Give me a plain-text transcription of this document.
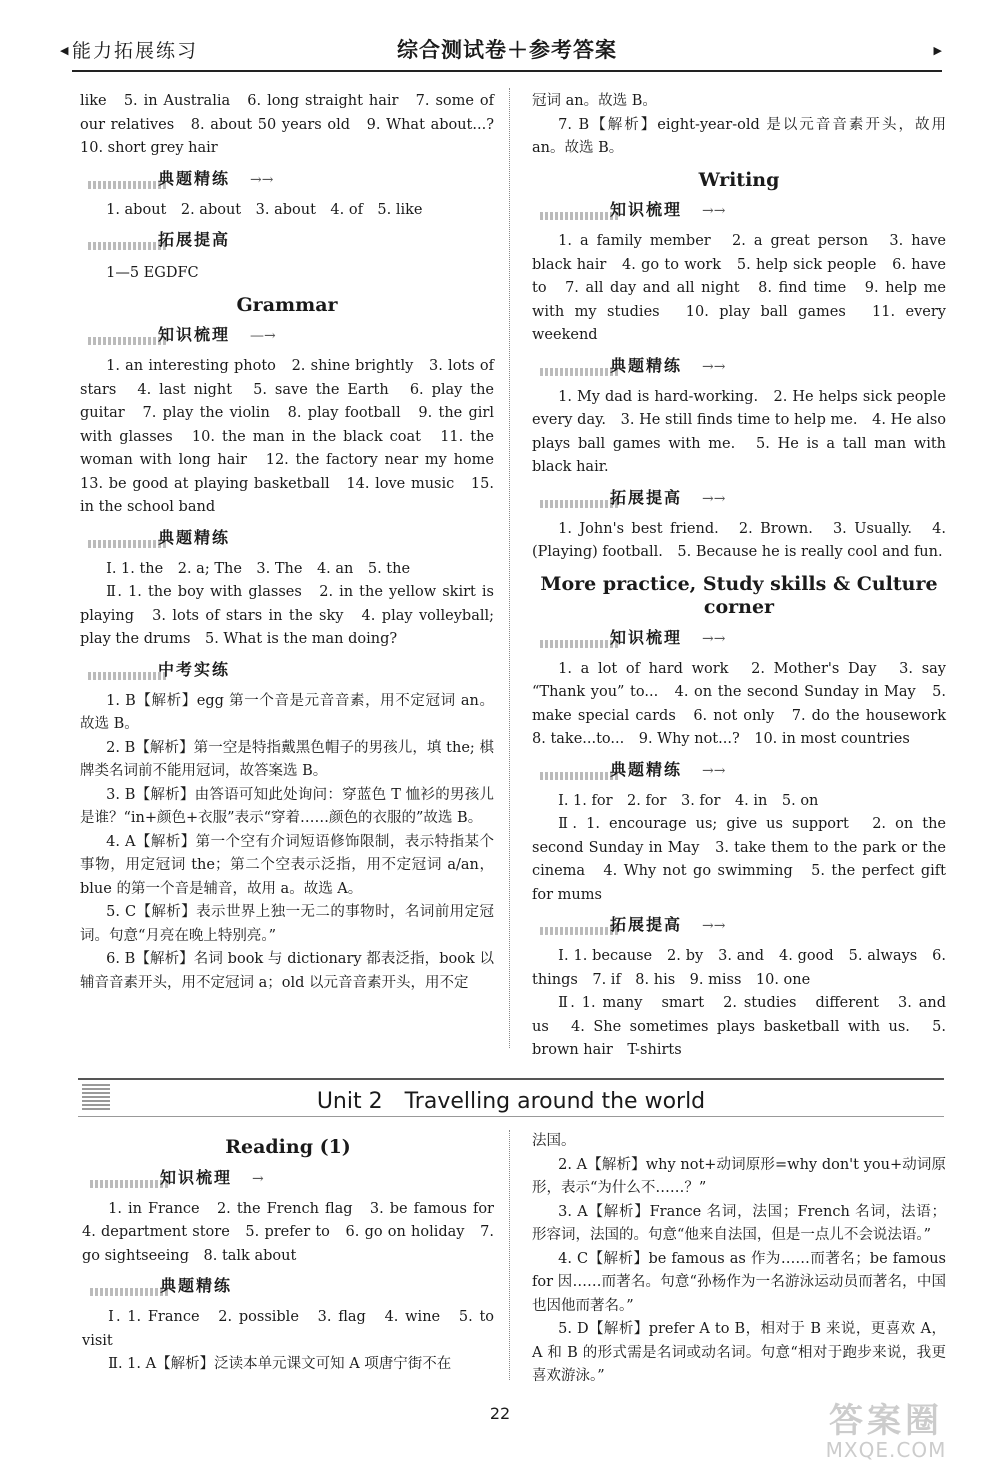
◀ 能力拓展练习	综合测试卷＋参考答案	▶

like　5. in Australia　6. long straight hair　7. some of our relatives　8. about 50 years old　9. What about...?　10. short grey hair

典题精练 →→

1. about　2. about　3. about　4. of　5. like

拓展提高

1—5 EGDFC

Grammar
知识梳理 —→

1. an interesting photo　2. shine brightly　3. lots of stars　4. last night　5. save the Earth　6. play the guitar　7. play the violin　8. play football　9. the girl with glasses　10. the man in the black coat　11. the woman with long hair　12. the factory near my home　13. be good at playing basketball　14. love music　15. in the school band

典题精练

Ⅰ. 1. the　2. a; The　3. The　4. an　5. the

Ⅱ. 1. the boy with glasses　2. in the yellow skirt is playing　3. lots of stars in the sky　4. play volleyball; play the drums　5. What is the man doing?

中考实练

1. B【解析】egg 第一个音是元音音素，用不定冠词 an。故选 B。

2. B【解析】第一空是特指戴黑色帽子的男孩儿，填 the; 棋牌类名词前不能用冠词，故答案选 B。

3. B【解析】由答语可知此处询问：穿蓝色 T 恤衫的男孩儿是谁？“in+颜色+衣服”表示“穿着……颜色的衣服的”故选 B。

4. A【解析】第一个空有介词短语修饰限制，表示特指某个事物，用定冠词 the；第二个空表示泛指，用不定冠词 a/an，blue 的第一个音是辅音，故用 a。故选 A。

5. C【解析】表示世界上独一无二的事物时，名词前用定冠词。句意“月亮在晚上特别亮。”

6. B【解析】名词 book 与 dictionary 都表泛指，book 以辅音音素开头，用不定冠词 a；old 以元音音素开头，用不定

冠词 an。故选 B。

7. B【解析】eight-year-old 是以元音音素开头，故用 an。故选 B。

Writing
知识梳理 →→

1. a family member　2. a great person　3. have black hair　4. go to work　5. help sick people　6. have to　7. all day and all night　8. find time　9. help me with my studies　10. play ball games　11. every weekend

典题精练 →→

1. My dad is hard-working.　2. He helps sick people every day.　3. He still finds time to help me.　4. He also plays ball games with me.　5. He is a tall man with black hair.

拓展提高 →→

1. John's best friend.　2. Brown.　3. Usually.　4. (Playing) football.　5. Because he is really cool and fun.

More practice, Study skills & Culture corner
知识梳理 →→

1. a lot of hard work　2. Mother's Day　3. say “Thank you” to...　4. on the second Sunday in May　5. make special cards　6. not only　7. do the housework　8. take...to...　9. Why not...?　10. in most countries

典题精练 →→

Ⅰ. 1. for　2. for　3. for　4. in　5. on

Ⅱ. 1. encourage us; give us support　2. on the second Sunday in May　3. take them to the park or the cinema　4. Why not go swimming　5. the perfect gift for mums

拓展提高 →→

Ⅰ. 1. because　2. by　3. and　4. good　5. always　6. things　7. if　8. his　9. miss　10. one

Ⅱ. 1. many　smart　2. studies　different　3. and　us　4. She sometimes plays basketball with us.　5. brown hair　T-shirts

Unit 2　Travelling around the world
Reading (1)
知识梳理 →

1. in France　2. the French flag　3. be famous for　4. department store　5. prefer to　6. go on holiday　7. go sightseeing　8. talk about

典题精练

Ⅰ. 1. France　2. possible　3. flag　4. wine　5. to visit

Ⅱ. 1. A【解析】泛读本单元课文可知 A 项唐宁街不在

法国。

2. A【解析】why not+动词原形=why don't you+动词原形，表示“为什么不……？”

3. A【解析】France 名词，法国；French 名词，法语；形容词，法国的。句意“他来自法国，但是一点儿不会说法语。”

4. C【解析】be famous as 作为……而著名；be famous for 因……而著名。句意“孙杨作为一名游泳运动员而著名，中国也因他而著名。”

5. D【解析】prefer A to B，相对于 B 来说，更喜欢 A，A 和 B 的形式需是名词或动名词。句意“相对于跑步来说，我更喜欢游泳。”

22	答案圈
MXQE.COM
